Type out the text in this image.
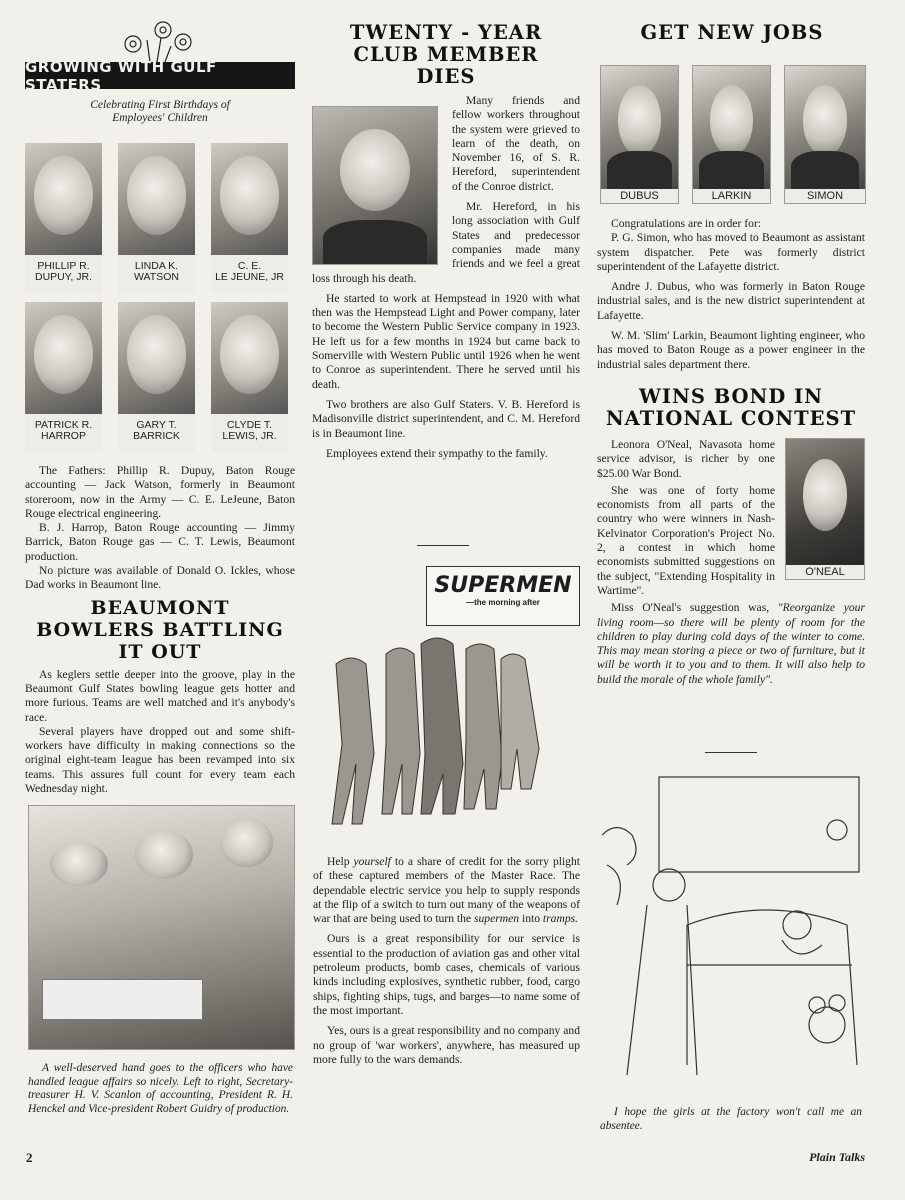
GROWING WITH GULF STATERS
Celebrating First Birthdays of Employees' Children
PHILLIP R.
DUPUY, JR.
LINDA K.
WATSON
C. E.
LE JEUNE, JR
PATRICK R.
HARROP
GARY T.
BARRICK
CLYDE T.
LEWIS, JR.

The Fathers: Phillip R. Dupuy, Baton Rouge accounting — Jack Watson, formerly in Beaumont storeroom, now in the Army — C. E. LeJeune, Baton Rouge electrical engineering.

B. J. Harrop, Baton Rouge accounting — Jimmy Barrick, Baton Rouge gas — C. T. Lewis, Beaumont production.

No picture was available of Donald O. Ickles, whose Dad works in Beaumont line.

BEAUMONT
BOWLERS BATTLING
IT OUT

As keglers settle deeper into the groove, play in the Beaumont Gulf States bowling league gets hotter and more furious. Teams are well matched and it's anybody's race.

Several players have dropped out and some shift-workers have difficulty in making connections so the original eight-team league has been revamped into six teams. This assures full count for every team each Wednesday night.

A well-deserved hand goes to the officers who have handled league affairs so nicely. Left to right, Secretary-treasurer H. V. Scanlon of accounting, President R. H. Henckel and Vice-president Robert Guidry of production.

2
TWENTY - YEAR
CLUB MEMBER
DIES

Many friends and fellow workers throughout the system were grieved to learn of the death, on November 16, of S. R. Hereford, superintendent of the Conroe district.

Mr. Hereford, in his long association with Gulf States and predecessor companies made many friends and we feel a great loss through his death.

He started to work at Hempstead in 1920 with what then was the Hempstead Light and Power company, later to become the Western Public Service company in 1923. He left us for a few months in 1924 but came back to Somerville with Western Public until 1926 when he went to Conroe as superintendent. There he served until his death.

Two brothers are also Gulf Staters. V. B. Hereford is Madisonville district superintendent, and C. M. Hereford is in Beaumont line.

Employees extend their sympathy to the family.

SUPERMEN
—the morning after

Help yourself to a share of credit for the sorry plight of these captured members of the Master Race. The dependable electric service you help to supply responds at the flip of a switch to turn out many of the weapons of war that are being used to turn the supermen into tramps.

Ours is a great responsibility for our service is essential to the production of aviation gas and other vital petroleum products, bomb cases, chemicals of various kinds including explosives, synthetic rubber, food, cargo ships, fighting ships, tugs, and barges—to name some of the most important.

Yes, ours is a great responsibility and no company and no group of 'war workers', anywhere, has measured up more fully to the wars demands.

GET NEW JOBS
DUBUS	LARKIN	SIMON

Congratulations are in order for:

P. G. Simon, who has moved to Beaumont as assistant system dispatcher. Pete was formerly district superintendent of the Lafayette district.

Andre J. Dubus, who was formerly in Baton Rouge industrial sales, and is the new district superintendent at Lafayette.

W. M. 'Slim' Larkin, Beaumont lighting engineer, who has moved to Baton Rouge as a power engineer in the industrial sales department there.

WINS BOND IN
NATIONAL CONTEST
O'NEAL

Leonora O'Neal, Navasota home service advisor, is richer by one $25.00 War Bond.

She was one of forty home economists from all parts of the country who were winners in Nash-Kelvinator Corporation's Project No. 2, a contest in which home economists submitted suggestions on the subject, "Extending Hospitality in Wartime".

Miss O'Neal's suggestion was, "Reorganize your living room—so there will be plenty of room for the children to play during cold days of the winter to come. This may mean storing a piece or two of furniture, but it will be worth it to you and to them. It will also help to build the morale of the whole family".

I hope the girls at the factory won't call me an absentee.

Plain Talks
